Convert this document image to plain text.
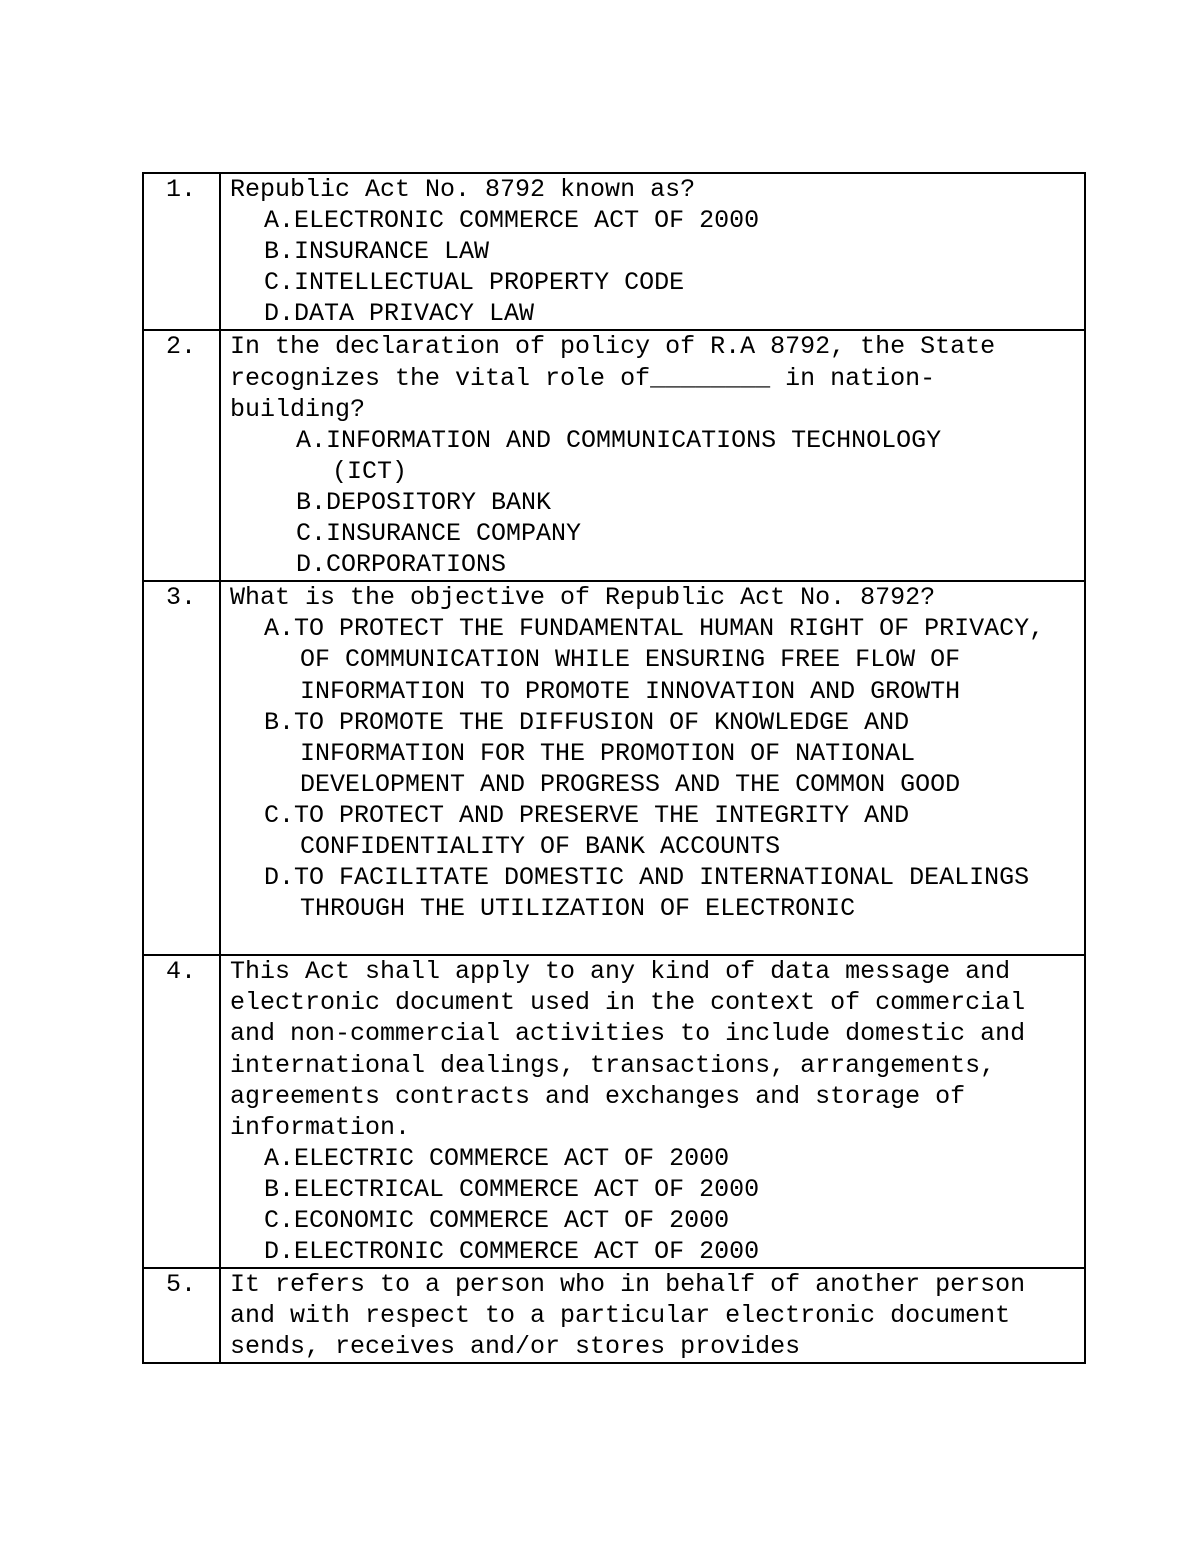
1.	Republic Act No. 8792 known as?
A.ELECTRONIC COMMERCE ACT OF 2000
B.INSURANCE LAW
C.INTELLECTUAL PROPERTY CODE
D.DATA PRIVACY LAW

2.	In the declaration of policy of R.A 8792, the State recognizes the vital role of________ in nation-building?
A.INFORMATION AND COMMUNICATIONS TECHNOLOGY (ICT)
B.DEPOSITORY BANK
C.INSURANCE COMPANY
D.CORPORATIONS

3.	What is the objective of Republic Act No. 8792?
A.TO PROTECT THE FUNDAMENTAL HUMAN RIGHT OF PRIVACY, OF COMMUNICATION WHILE ENSURING FREE FLOW OF INFORMATION TO PROMOTE INNOVATION AND GROWTH
B.TO PROMOTE THE DIFFUSION OF KNOWLEDGE AND INFORMATION FOR THE PROMOTION OF NATIONAL DEVELOPMENT AND PROGRESS AND THE COMMON GOOD
C.TO PROTECT AND PRESERVE THE INTEGRITY AND CONFIDENTIALITY OF BANK ACCOUNTS
D.TO FACILITATE DOMESTIC AND INTERNATIONAL DEALINGS THROUGH THE UTILIZATION OF ELECTRONIC

4.	This Act shall apply to any kind of data message and electronic document used in the context of commercial and non-commercial activities to include domestic and international dealings, transactions, arrangements, agreements contracts and exchanges and storage of information.
A.ELECTRIC COMMERCE ACT OF 2000
B.ELECTRICAL COMMERCE ACT OF 2000
C.ECONOMIC COMMERCE ACT OF 2000
D.ELECTRONIC COMMERCE ACT OF 2000

5.	It refers to a person who in behalf of another person and with respect to a particular electronic document sends, receives and/or stores provides
